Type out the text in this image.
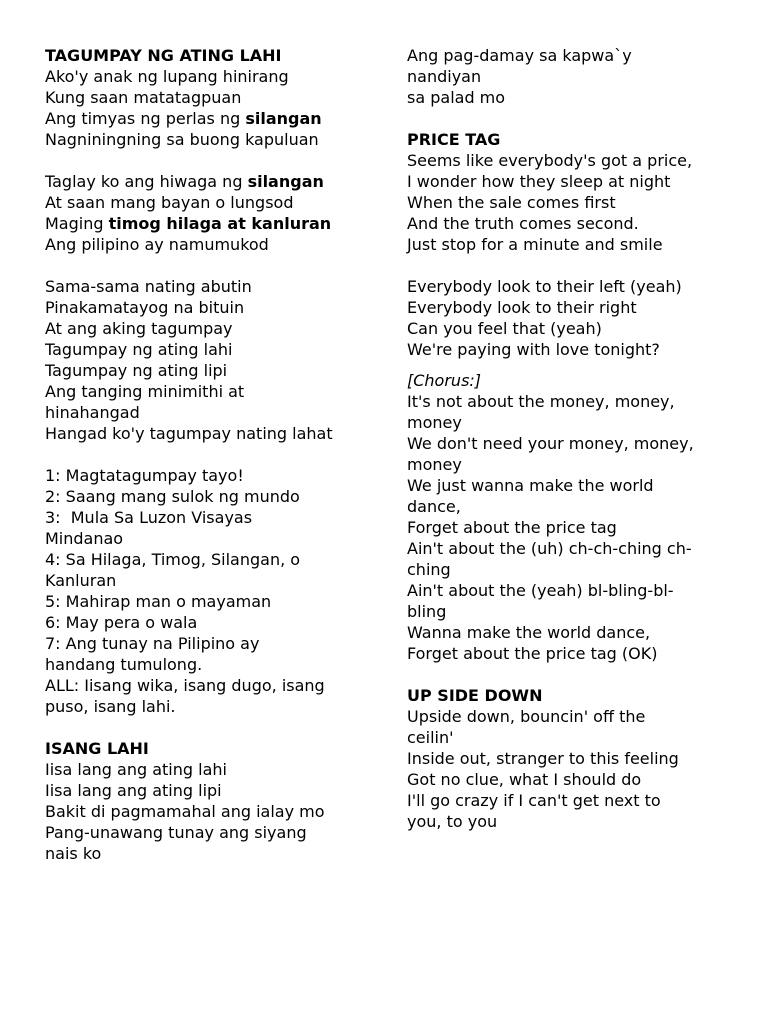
TAGUMPAY NG ATING LAHI
Ako'y anak ng lupang hinirang
Kung saan matatagpuan
Ang timyas ng perlas ng silangan
Nagniningning sa buong kapuluan
Taglay ko ang hiwaga ng silangan
At saan mang bayan o lungsod
Maging timog hilaga at kanluran
Ang pilipino ay namumukod
Sama-sama nating abutin
Pinakamatayog na bituin
At ang aking tagumpay
Tagumpay ng ating lahi
Tagumpay ng ating lipi
Ang tanging minimithi at
hinahangad
Hangad ko'y tagumpay nating lahat
1: Magtatagumpay tayo!
2: Saang mang sulok ng mundo
3:  Mula Sa Luzon Visayas
Mindanao
4: Sa Hilaga, Timog, Silangan, o
Kanluran
5: Mahirap man o mayaman
6: May pera o wala
7: Ang tunay na Pilipino ay
handang tumulong.
ALL: Iisang wika, isang dugo, isang
puso, isang lahi.
ISANG LAHI
Iisa lang ang ating lahi
Iisa lang ang ating lipi
Bakit di pagmamahal ang ialay mo
Pang-unawang tunay ang siyang
nais ko
Ang pag-damay sa kapwa`y
nandiyan
sa palad mo
PRICE TAG
Seems like everybody's got a price,
I wonder how they sleep at night
When the sale comes first
And the truth comes second.
Just stop for a minute and smile
Everybody look to their left (yeah)
Everybody look to their right
Can you feel that (yeah)
We're paying with love tonight?
[Chorus:]
It's not about the money, money,
money
We don't need your money, money,
money
We just wanna make the world
dance,
Forget about the price tag
Ain't about the (uh) ch-ch-ching ch-
ching
Ain't about the (yeah) bl-bling-bl-
bling
Wanna make the world dance,
Forget about the price tag (OK)
UP SIDE DOWN
Upside down, bouncin' off the
ceilin'
Inside out, stranger to this feeling
Got no clue, what I should do
I'll go crazy if I can't get next to
you, to you
